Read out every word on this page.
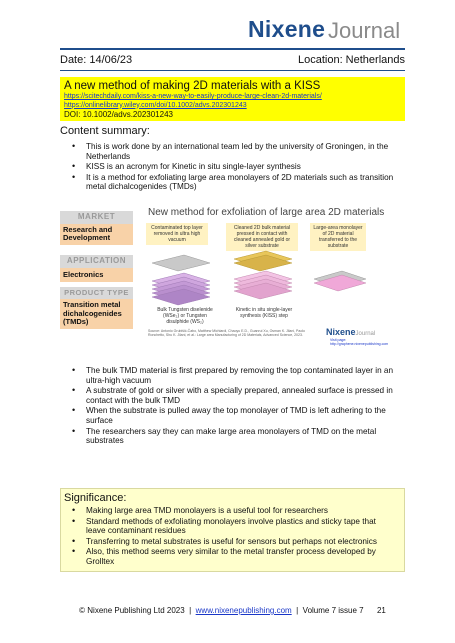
Nixene Journal
Date: 14/06/23	Location: Netherlands
A new method of making 2D materials with a KISS
https://scitechdaily.com/kiss-a-new-way-to-easily-produce-large-clean-2d-materials/
https://onlinelibrary.wiley.com/doi/10.1002/advs.202301243
DOI: 10.1002/advs.202301243
Content summary:
• This is work done by an international team led by the university of Groningen, in the Netherlands
• KISS is an acronym for Kinetic in situ single-layer synthesis
• It is a method for exfoliating large area monolayers of 2D materials such as transition metal dichalcogenides (TMDs)
MARKET
Research and Development
APPLICATION
Electronics
PRODUCT TYPE
Transition metal dichalcogenides (TMDs)
New method for exfoliation of large area 2D materials
Contaminated top layer removed in ultra high vacuum
Cleaned 2D bulk material pressed in contact with cleaned annealed gold or silver substrate
Large-area monolayer of 2D material transferred to the substrate
Bulk Tungsten diselenide (WSe₂) or Tungsten disulphide (WS₂)
Kinetic in situ single-layer synthesis (KISS) step
Source: Antonio Grubišić-Čabo, Matthew Michiardi, Chaoyu E.D., Guanrui Xu, Osman K. Jilani, Paolo Ronchetto, Shu K. Jilani, et al.: Large area Manufacturing of 2D Materials, Advanced Science, 2023.	NixeneJournal
Visit page: http://graphene.nixenepublishing.com
• The bulk TMD material is first prepared by removing the top contaminated layer in an ultra-high vacuum
• A substrate of gold or silver with a specially prepared, annealed surface is pressed in contact with the bulk TMD
• When the substrate is pulled away the top monolayer of TMD is left adhering to the surface
• The researchers say they can make large area monolayers of TMD on the metal substrates
Significance:
• Making large area TMD monolayers is a useful tool for researchers
• Standard methods of exfoliating monolayers involve plastics and sticky tape that leave contaminant residues
• Transferring to metal substrates is useful for sensors but perhaps not electronics
• Also, this method seems very similar to the metal transfer process developed by Grolltex
© Nixene Publishing Ltd 2023  |  www.nixenepublishing.com  |  Volume 7 issue 7 21
